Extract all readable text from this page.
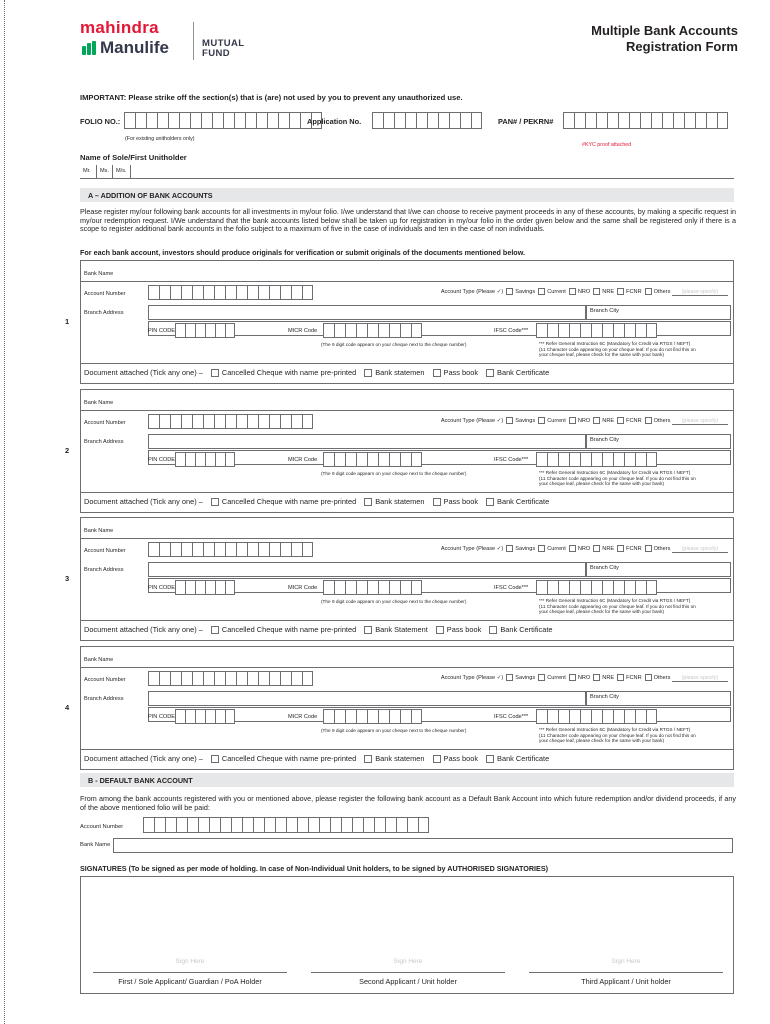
mahindra
Manulife	MUTUAL
FUND
Multiple Bank Accounts
Registration Form
IMPORTANT: Please strike off the section(s) that is (are) not used by you to prevent any unauthorized use.
FOLIO NO.:	Application No.	PAN# / PEKRN#
(For existing unitholders only)
#KYC proof attached
Name of Sole/First Unitholder
Mr.	Ms.	M/s.
A – ADDITION OF BANK ACCOUNTS
Please register my/our following bank accounts for all investments in my/our folio. I/we understand that I/we can choose to receive payment proceeds in any of these accounts, by making a specific request in my/our redemption request. I/We understand that the bank accounts listed below shall be taken up for registration in my/our folio in the order given below and the same shall be registered only if there is a scope to register additional bank accounts in the folio subject to a maximum of five in the case of individuals and ten in the case of non individuals.
For each bank account, investors should produce originals for verification or submit originals of the documents mentioned below.
1
Bank Name
Account Number	Account Type (Please ✓) Savings Current NRO NRE FCNR Others (please specify)
Branch Address	Branch City
PIN CODE	MICR Code	IFSC Code***
(The 9 digit code appears on your cheque next to the cheque number)	*** Refer General Instruction 6C (Mandatory for Credit via RTGS / NEFT)
(11 Character code appearing on your cheque leaf. If you do not find this on
your cheque leaf, please check for the same with your bank)
Document attached (Tick any one) –	Cancelled Cheque with name pre-printed	Bank statemen	Pass book	Bank Certificate
2
Bank Name
Account Number	Account Type (Please ✓) Savings Current NRO NRE FCNR Others (please specify)
Branch Address	Branch City
PIN CODE	MICR Code	IFSC Code***
(The 9 digit code appears on your cheque next to the cheque number)	*** Refer General Instruction 6C (Mandatory for Credit via RTGS / NEFT)
(11 Character code appearing on your cheque leaf. If you do not find this on
your cheque leaf, please check for the same with your bank)
Document attached (Tick any one) –	Cancelled Cheque with name pre-printed	Bank statemen	Pass book	Bank Certificate
3
Bank Name
Account Number	Account Type (Please ✓) Savings Current NRO NRE FCNR Others (please specify)
Branch Address	Branch City
PIN CODE	MICR Code	IFSC Code***
(The 9 digit code appears on your cheque next to the cheque number)	*** Refer General Instruction 6C (Mandatory for Credit via RTGS / NEFT)
(11 Character code appearing on your cheque leaf. If you do not find this on
your cheque leaf, please check for the same with your bank)
Document attached (Tick any one) –	Cancelled Cheque with name pre-printed	Bank Statement	Pass book	Bank Certificate
4
Bank Name
Account Number	Account Type (Please ✓) Savings Current NRO NRE FCNR Others (please specify)
Branch Address	Branch City
PIN CODE	MICR Code	IFSC Code***
(The 9 digit code appears on your cheque next to the cheque number)	*** Refer General Instruction 6C (Mandatory for Credit via RTGS / NEFT)
(11 Character code appearing on your cheque leaf. If you do not find this on
your cheque leaf, please check for the same with your bank)
Document attached (Tick any one) –	Cancelled Cheque with name pre-printed	Bank statemen	Pass book	Bank Certificate
B - DEFAULT BANK ACCOUNT
From among the bank accounts registered with you or mentioned above, please register the following bank account as a Default Bank Account into which future redemption and/or dividend proceeds, if any of the above mentioned folio will be paid:
Account Number
Bank Name
SIGNATURES (To be signed as per mode of holding. In case of Non-Individual Unit holders, to be signed by AUTHORISED SIGNATORIES)
Sign Here
First / Sole Applicant/ Guardian / PoA Holder
Sign Here
Second Applicant / Unit holder
Sign Here
Third Applicant / Unit holder
